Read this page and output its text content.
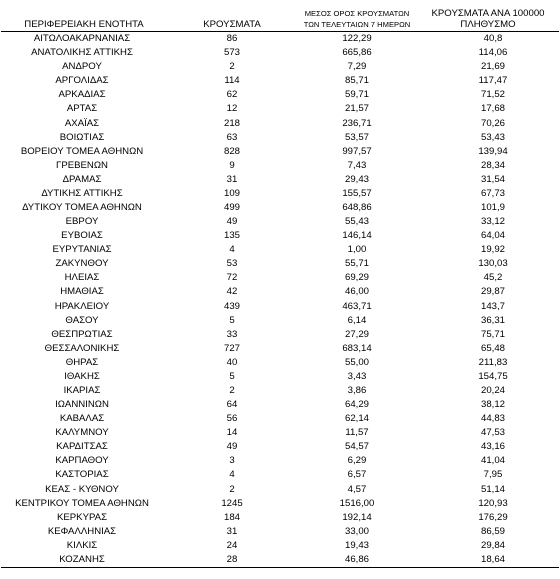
ΠΕΡΙΦΕΡΕΙΑΚΗ ΕΝΟΤΗΤΑ	ΚΡΟΥΣΜΑΤΑ	ΜΕΣΟΣ ΟΡΟΣ ΚΡΟΥΣΜΑΤΩΝ
ΤΩΝ ΤΕΛΕΥΤΑΙΩΝ 7 ΗΜΕΡΩΝ	ΚΡΟΥΣΜΑΤΑ ΑΝΑ 100000
ΠΛΗΘΥΣΜΟ

ΑΙΤΩΛΟΑΚΑΡΝΑΝΙΑΣ	86	122,29	40,8
ΑΝΑΤΟΛΙΚΗΣ ΑΤΤΙΚΗΣ	573	665,86	114,06
ΑΝΔΡΟΥ	2	7,29	21,69
ΑΡΓΟΛΙΔΑΣ	114	85,71	117,47
ΑΡΚΑΔΙΑΣ	62	59,71	71,52
ΑΡΤΑΣ	12	21,57	17,68
ΑΧΑΪΑΣ	218	236,71	70,26
ΒΟΙΩΤΙΑΣ	63	53,57	53,43
ΒΟΡΕΙΟΥ ΤΟΜΕΑ ΑΘΗΝΩΝ	828	997,57	139,94
ΓΡΕΒΕΝΩΝ	9	7,43	28,34
ΔΡΑΜΑΣ	31	29,43	31,54
ΔΥΤΙΚΗΣ ΑΤΤΙΚΗΣ	109	155,57	67,73
ΔΥΤΙΚΟΥ ΤΟΜΕΑ ΑΘΗΝΩΝ	499	648,86	101,9
ΕΒΡΟΥ	49	55,43	33,12
ΕΥΒΟΙΑΣ	135	146,14	64,04
ΕΥΡΥΤΑΝΙΑΣ	4	1,00	19,92
ΖΑΚΥΝΘΟΥ	53	55,71	130,03
ΗΛΕΙΑΣ	72	69,29	45,2
ΗΜΑΘΙΑΣ	42	46,00	29,87
ΗΡΑΚΛΕΙΟΥ	439	463,71	143,7
ΘΑΣΟΥ	5	6,14	36,31
ΘΕΣΠΡΩΤΙΑΣ	33	27,29	75,71
ΘΕΣΣΑΛΟΝΙΚΗΣ	727	683,14	65,48
ΘΗΡΑΣ	40	55,00	211,83
ΙΘΑΚΗΣ	5	3,43	154,75
ΙΚΑΡΙΑΣ	2	3,86	20,24
ΙΩΑΝΝΙΝΩΝ	64	64,29	38,12
ΚΑΒΑΛΑΣ	56	62,14	44,83
ΚΑΛΥΜΝΟΥ	14	11,57	47,53
ΚΑΡΔΙΤΣΑΣ	49	54,57	43,16
ΚΑΡΠΑΘΟΥ	3	6,29	41,04
ΚΑΣΤΟΡΙΑΣ	4	6,57	7,95
ΚΕΑΣ - ΚΥΘΝΟΥ	2	4,57	51,14
ΚΕΝΤΡΙΚΟΥ ΤΟΜΕΑ ΑΘΗΝΩΝ	1245	1516,00	120,93
ΚΕΡΚΥΡΑΣ	184	192,14	176,29
ΚΕΦΑΛΛΗΝΙΑΣ	31	33,00	86,59
ΚΙΛΚΙΣ	24	19,43	29,84
ΚΟΖΑΝΗΣ	28	46,86	18,64
